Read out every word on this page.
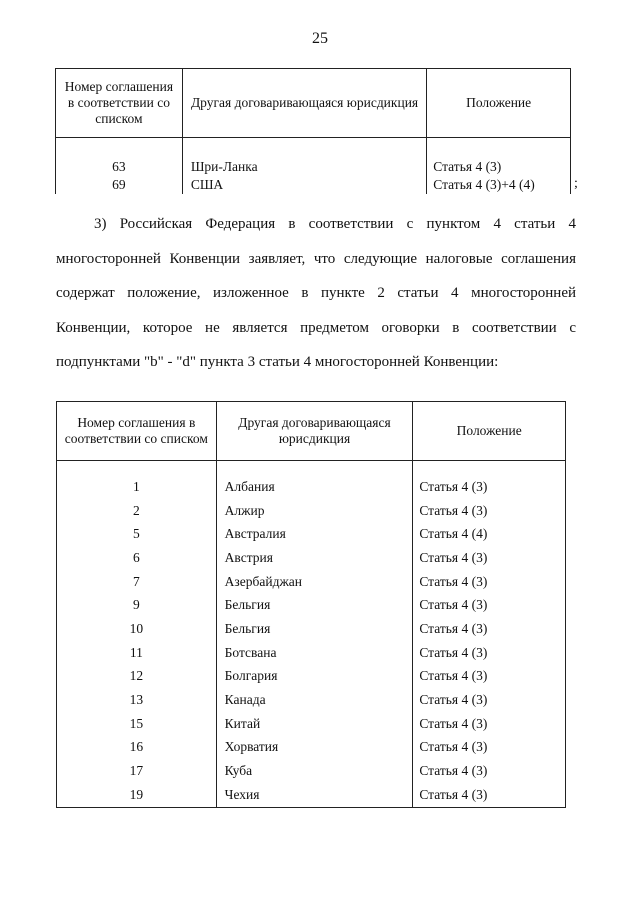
25
Номер соглашения в соответствии со списком	Другая договаривающаяся юрисдикция	Положение

63	Шри-Ланка	Статья 4 (3)
69	США	Статья 4 (3)+4 (4)	;
3) Российская Федерация в соответствии с пунктом 4 статьи 4 многосторонней Конвенции заявляет, что следующие налоговые соглашения содержат положение, изложенное в пункте 2 статьи 4 многосторонней Конвенции, которое не является предметом оговорки в соответствии с подпунктами "b" - "d" пункта 3 статьи 4 многосторонней Конвенции:
Номер соглашения в соответствии со списком	Другая договаривающаяся юрисдикция	Положение

1	Албания	Статья 4 (3)
2	Алжир	Статья 4 (3)
5	Австралия	Статья 4 (4)
6	Австрия	Статья 4 (3)
7	Азербайджан	Статья 4 (3)
9	Бельгия	Статья 4 (3)
10	Бельгия	Статья 4 (3)
11	Ботсвана	Статья 4 (3)
12	Болгария	Статья 4 (3)
13	Канада	Статья 4 (3)
15	Китай	Статья 4 (3)
16	Хорватия	Статья 4 (3)
17	Куба	Статья 4 (3)
19	Чехия	Статья 4 (3)
